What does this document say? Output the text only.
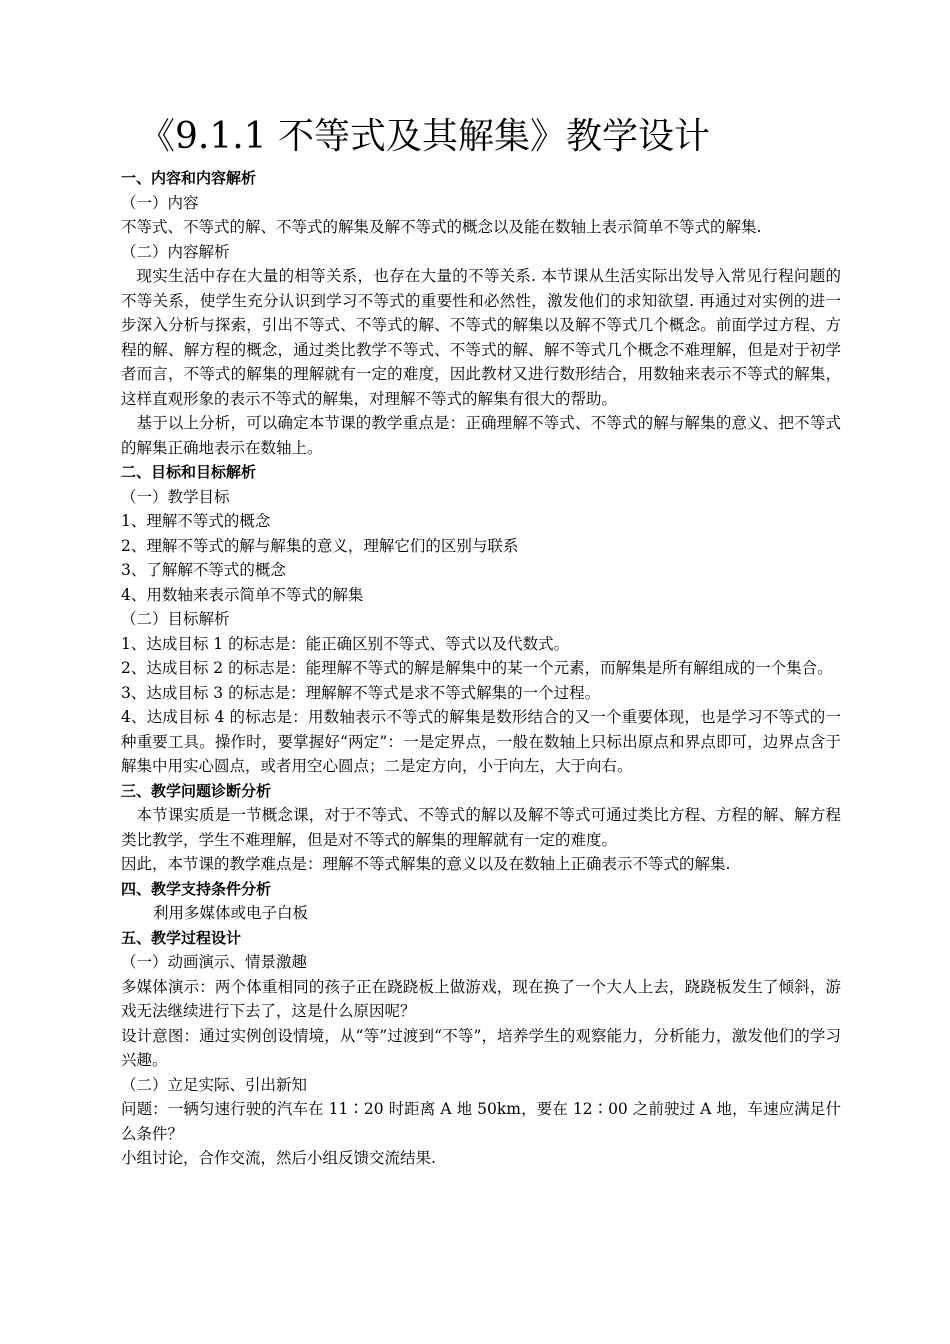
《9.1.1 不等式及其解集》教学设计
一、内容和内容解析
（一）内容
不等式、不等式的解、不等式的解集及解不等式的概念以及能在数轴上表示简单不等式的解集.
（二）内容解析
现实生活中存在大量的相等关系，也存在大量的不等关系. 本节课从生活实际出发导入常见行程问题的不等关系，使学生充分认识到学习不等式的重要性和必然性，激发他们的求知欲望. 再通过对实例的进一步深入分析与探索，引出不等式、不等式的解、不等式的解集以及解不等式几个概念。前面学过方程、方程的解、解方程的概念，通过类比教学不等式、不等式的解、解不等式几个概念不难理解，但是对于初学者而言，不等式的解集的理解就有一定的难度，因此教材又进行数形结合，用数轴来表示不等式的解集，这样直观形象的表示不等式的解集，对理解不等式的解集有很大的帮助。
基于以上分析，可以确定本节课的教学重点是：正确理解不等式、不等式的解与解集的意义、把不等式的解集正确地表示在数轴上。
二、目标和目标解析
（一）教学目标
1、理解不等式的概念
2、理解不等式的解与解集的意义，理解它们的区别与联系
3、了解解不等式的概念
4、用数轴来表示简单不等式的解集
（二）目标解析
1、达成目标 1 的标志是：能正确区别不等式、等式以及代数式。
2、达成目标 2 的标志是：能理解不等式的解是解集中的某一个元素，而解集是所有解组成的一个集合。
3、达成目标 3 的标志是：理解解不等式是求不等式解集的一个过程。
4、达成目标 4 的标志是：用数轴表示不等式的解集是数形结合的又一个重要体现，也是学习不等式的一种重要工具。操作时，要掌握好“两定”：一是定界点，一般在数轴上只标出原点和界点即可，边界点含于解集中用实心圆点，或者用空心圆点；二是定方向，小于向左，大于向右。
三、教学问题诊断分析
本节课实质是一节概念课，对于不等式、不等式的解以及解不等式可通过类比方程、方程的解、解方程类比教学，学生不难理解，但是对不等式的解集的理解就有一定的难度。
因此，本节课的教学难点是：理解不等式解集的意义以及在数轴上正确表示不等式的解集.
四、教学支持条件分析
利用多媒体或电子白板
五、教学过程设计
（一）动画演示、情景激趣
多媒体演示：两个体重相同的孩子正在跷跷板上做游戏，现在换了一个大人上去，跷跷板发生了倾斜，游戏无法继续进行下去了，这是什么原因呢？
设计意图：通过实例创设情境，从“等”过渡到“不等”，培养学生的观察能力，分析能力，激发他们的学习兴趣。
（二）立足实际、引出新知
问题：一辆匀速行驶的汽车在 11∶20 时距离 A 地 50km，要在 12∶00 之前驶过 A 地，车速应满足什么条件？
小组讨论，合作交流，然后小组反馈交流结果.
